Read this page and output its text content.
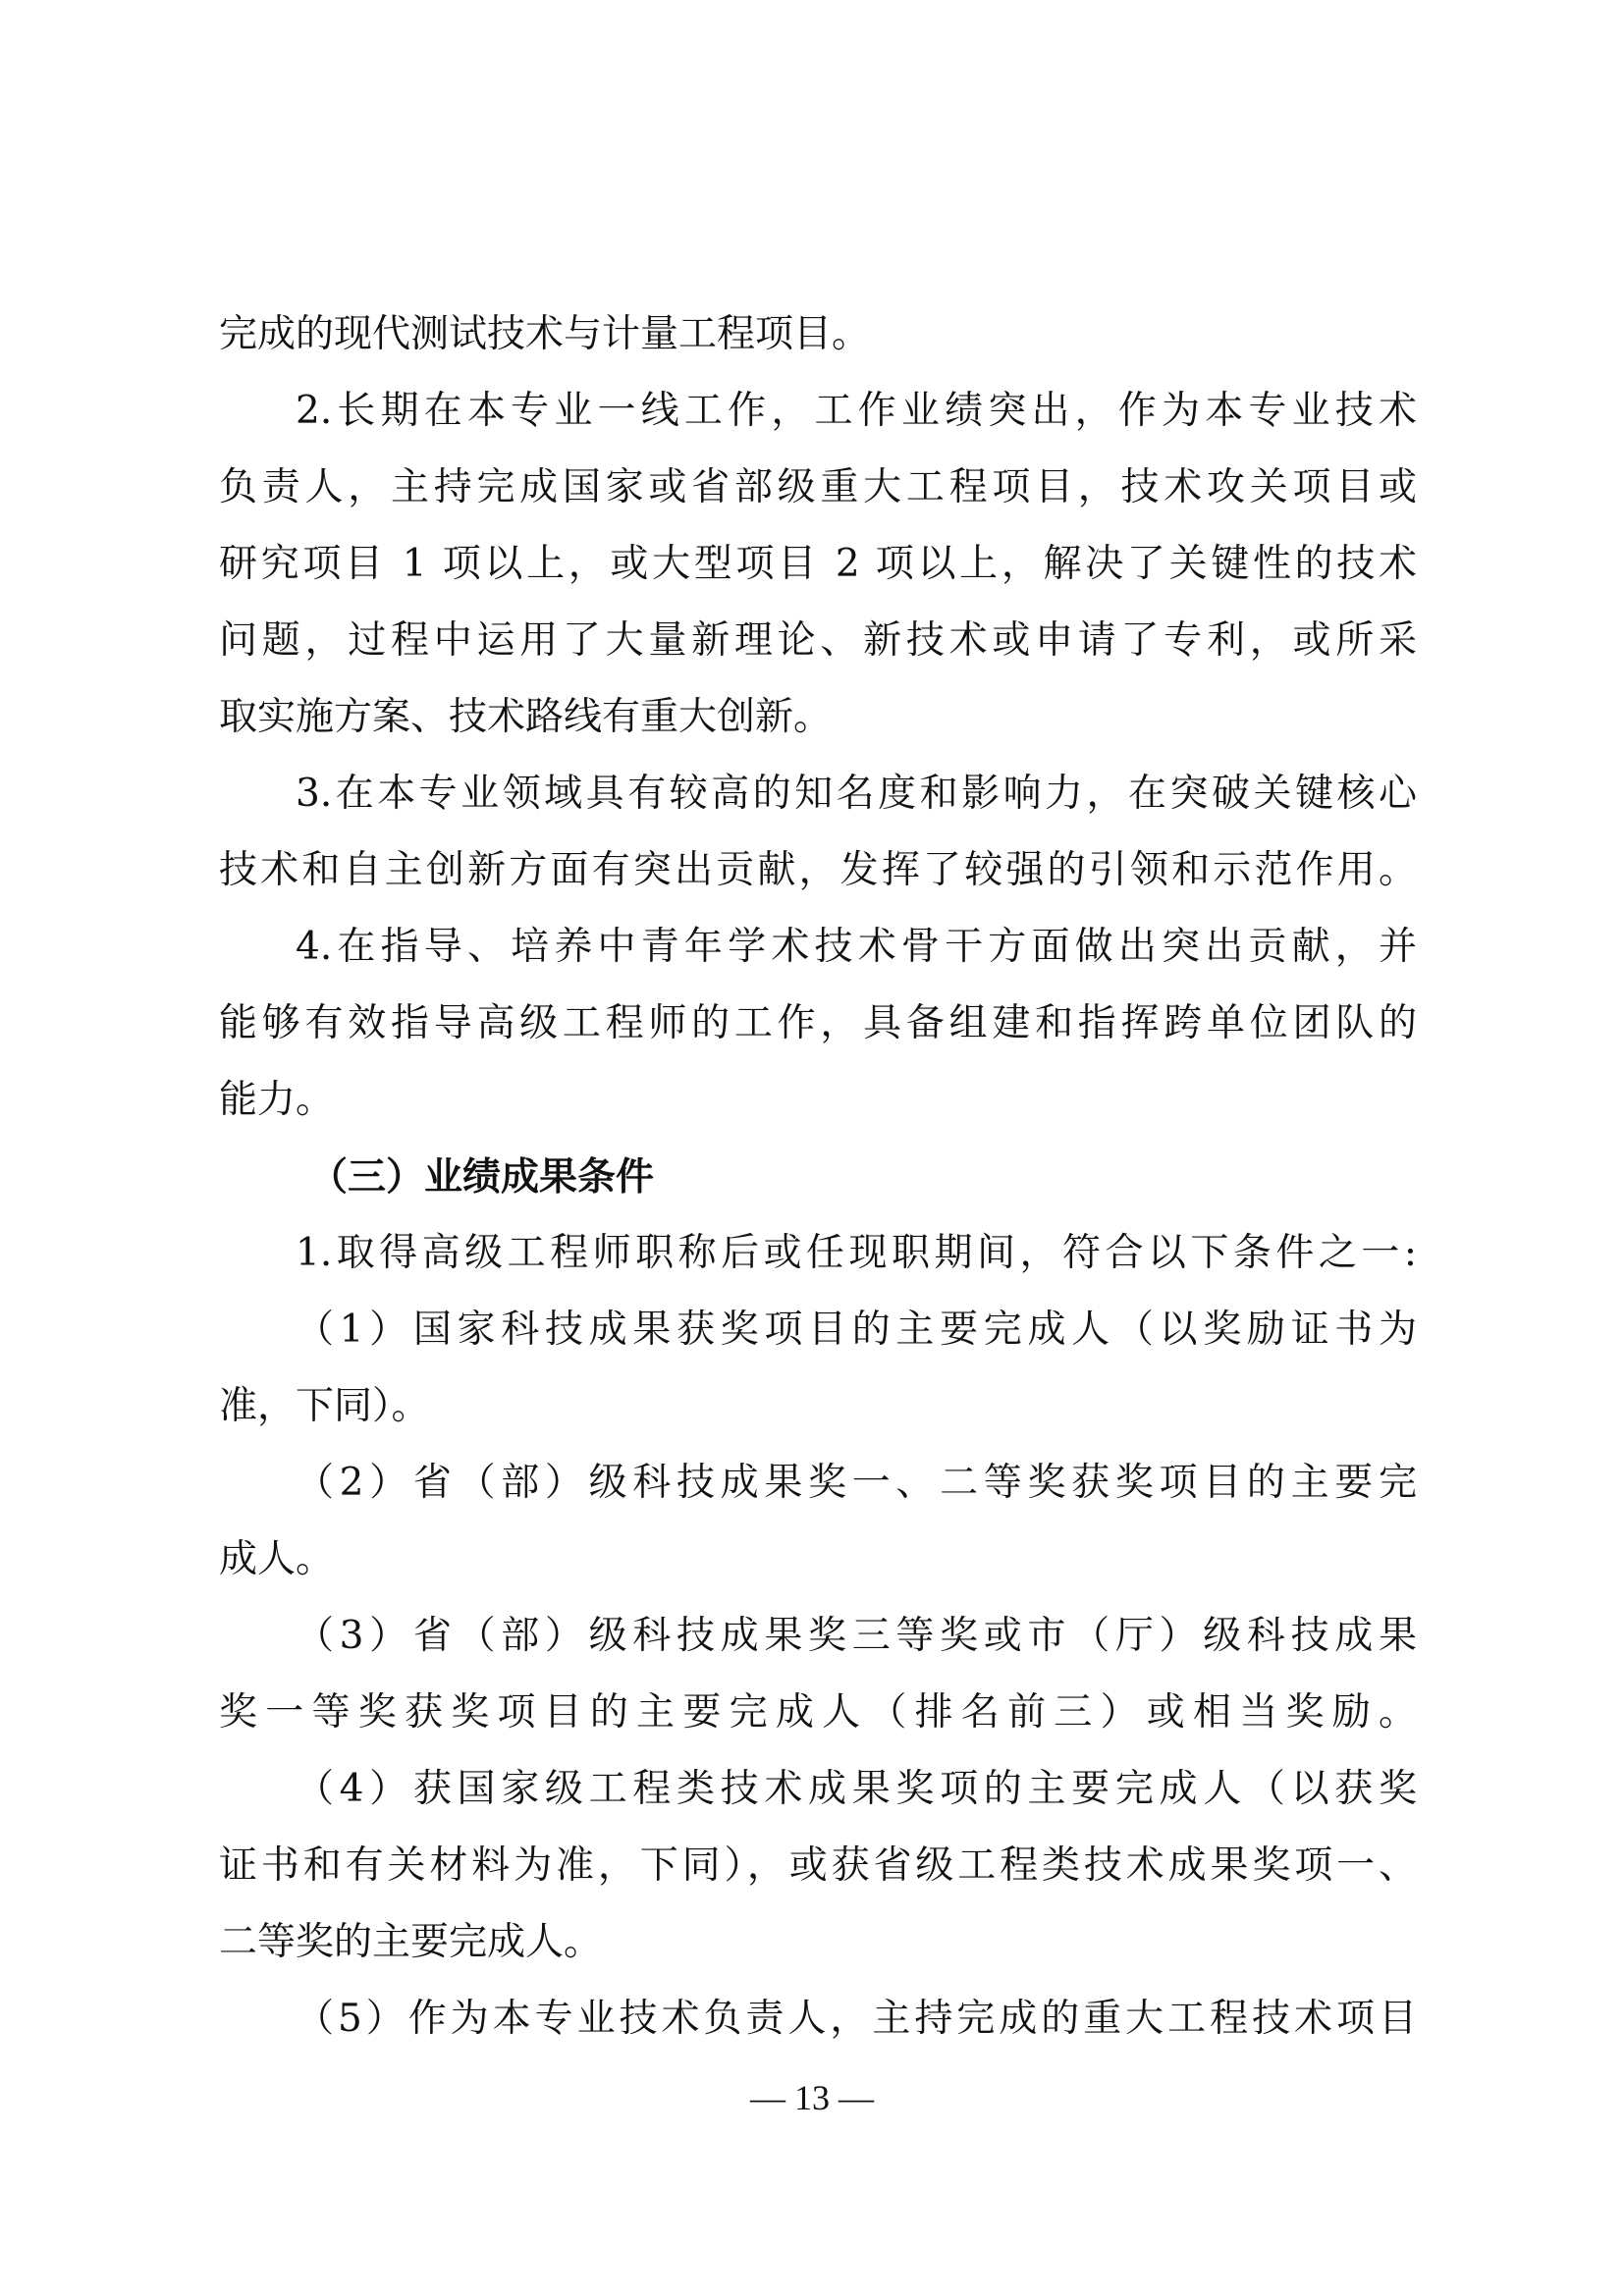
完成的现代测试技术与计量工程项目。
2.长期在本专业一线工作，工作业绩突出，作为本专业技术
负责人，主持完成国家或省部级重大工程项目，技术攻关项目或
研究项目 1 项以上，或大型项目 2 项以上，解决了关键性的技术
问题，过程中运用了大量新理论、新技术或申请了专利，或所采
取实施方案、技术路线有重大创新。
3.在本专业领域具有较高的知名度和影响力，在突破关键核心
技术和自主创新方面有突出贡献，发挥了较强的引领和示范作用。
4.在指导、培养中青年学术技术骨干方面做出突出贡献，并
能够有效指导高级工程师的工作，具备组建和指挥跨单位团队的
能力。
（三）业绩成果条件
1.取得高级工程师职称后或任现职期间，符合以下条件之一:
（1）国家科技成果获奖项目的主要完成人（以奖励证书为
准，下同）。
（2）省（部）级科技成果奖一、二等奖获奖项目的主要完
成人。
（3）省（部）级科技成果奖三等奖或市（厅）级科技成果
奖一等奖获奖项目的主要完成人（排名前三）或相当奖励。
（4）获国家级工程类技术成果奖项的主要完成人（以获奖
证书和有关材料为准，下同），或获省级工程类技术成果奖项一、
二等奖的主要完成人。
（5）作为本专业技术负责人，主持完成的重大工程技术项目
— 13 —
